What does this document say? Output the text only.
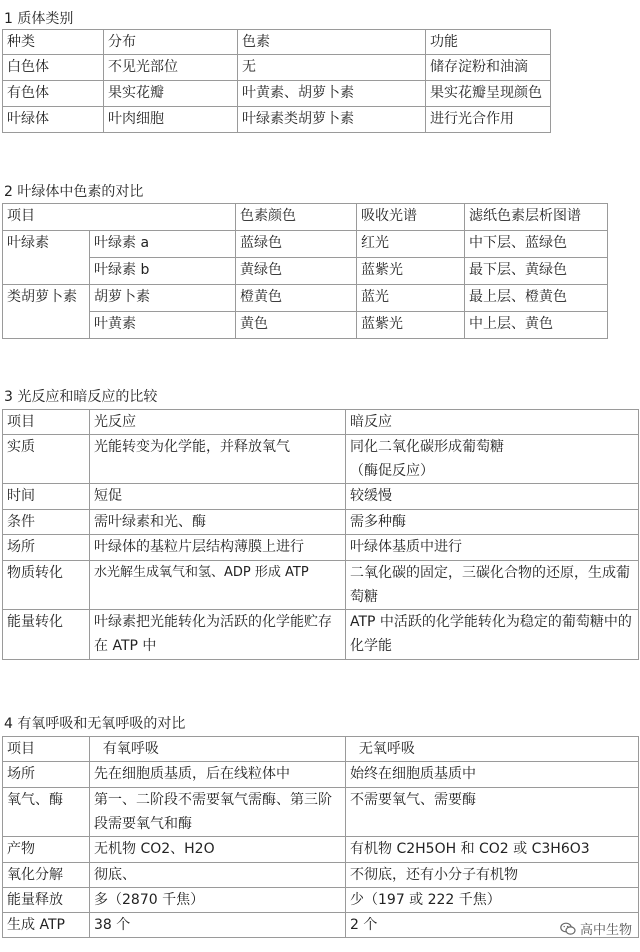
1 质体类别
种类	分布	色素	功能
白色体	不见光部位	无	储存淀粉和油滴
有色体	果实花瓣	叶黄素、胡萝卜素	果实花瓣呈现颜色
叶绿体	叶肉细胞	叶绿素类胡萝卜素	进行光合作用
2 叶绿体中色素的对比
项目		色素颜色	吸收光谱	滤纸色素层析图谱
叶绿素	叶绿素 a	蓝绿色	红光	中下层、蓝绿色
	叶绿素 b	黄绿色	蓝紫光	最下层、黄绿色
类胡萝卜素	胡萝卜素	橙黄色	蓝光	最上层、橙黄色
	叶黄素	黄色	蓝紫光	中上层、黄色
3 光反应和暗反应的比较
项目	光反应	暗反应
实质	光能转变为化学能，并释放氧气	同化二氧化碳形成葡萄糖
（酶促反应）
时间	短促	较缓慢
条件	需叶绿素和光、酶	需多种酶
场所	叶绿体的基粒片层结构薄膜上进行	叶绿体基质中进行
物质转化	水光解生成氧气和氢、ADP 形成 ATP	二氧化碳的固定，三碳化合物的还原，生成葡萄糖
能量转化	叶绿素把光能转化为活跃的化学能贮存在 ATP 中	ATP 中活跃的化学能转化为稳定的葡萄糖中的化学能
4 有氧呼吸和无氧呼吸的对比
项目	有氧呼吸	无氧呼吸
场所	先在细胞质基质，后在线粒体中	始终在细胞质基质中
氧气、酶	第一、二阶段不需要氧气需酶、第三阶段需要氧气和酶	不需要氧气、需要酶
产物	无机物 CO2、H2O	有机物 C2H5OH 和 CO2 或 C3H6O3
氧化分解	彻底、	不彻底，还有小分子有机物
能量释放	多（2870 千焦）	少（197 或 222 千焦）
生成 ATP	38 个	2 个	高中生物
